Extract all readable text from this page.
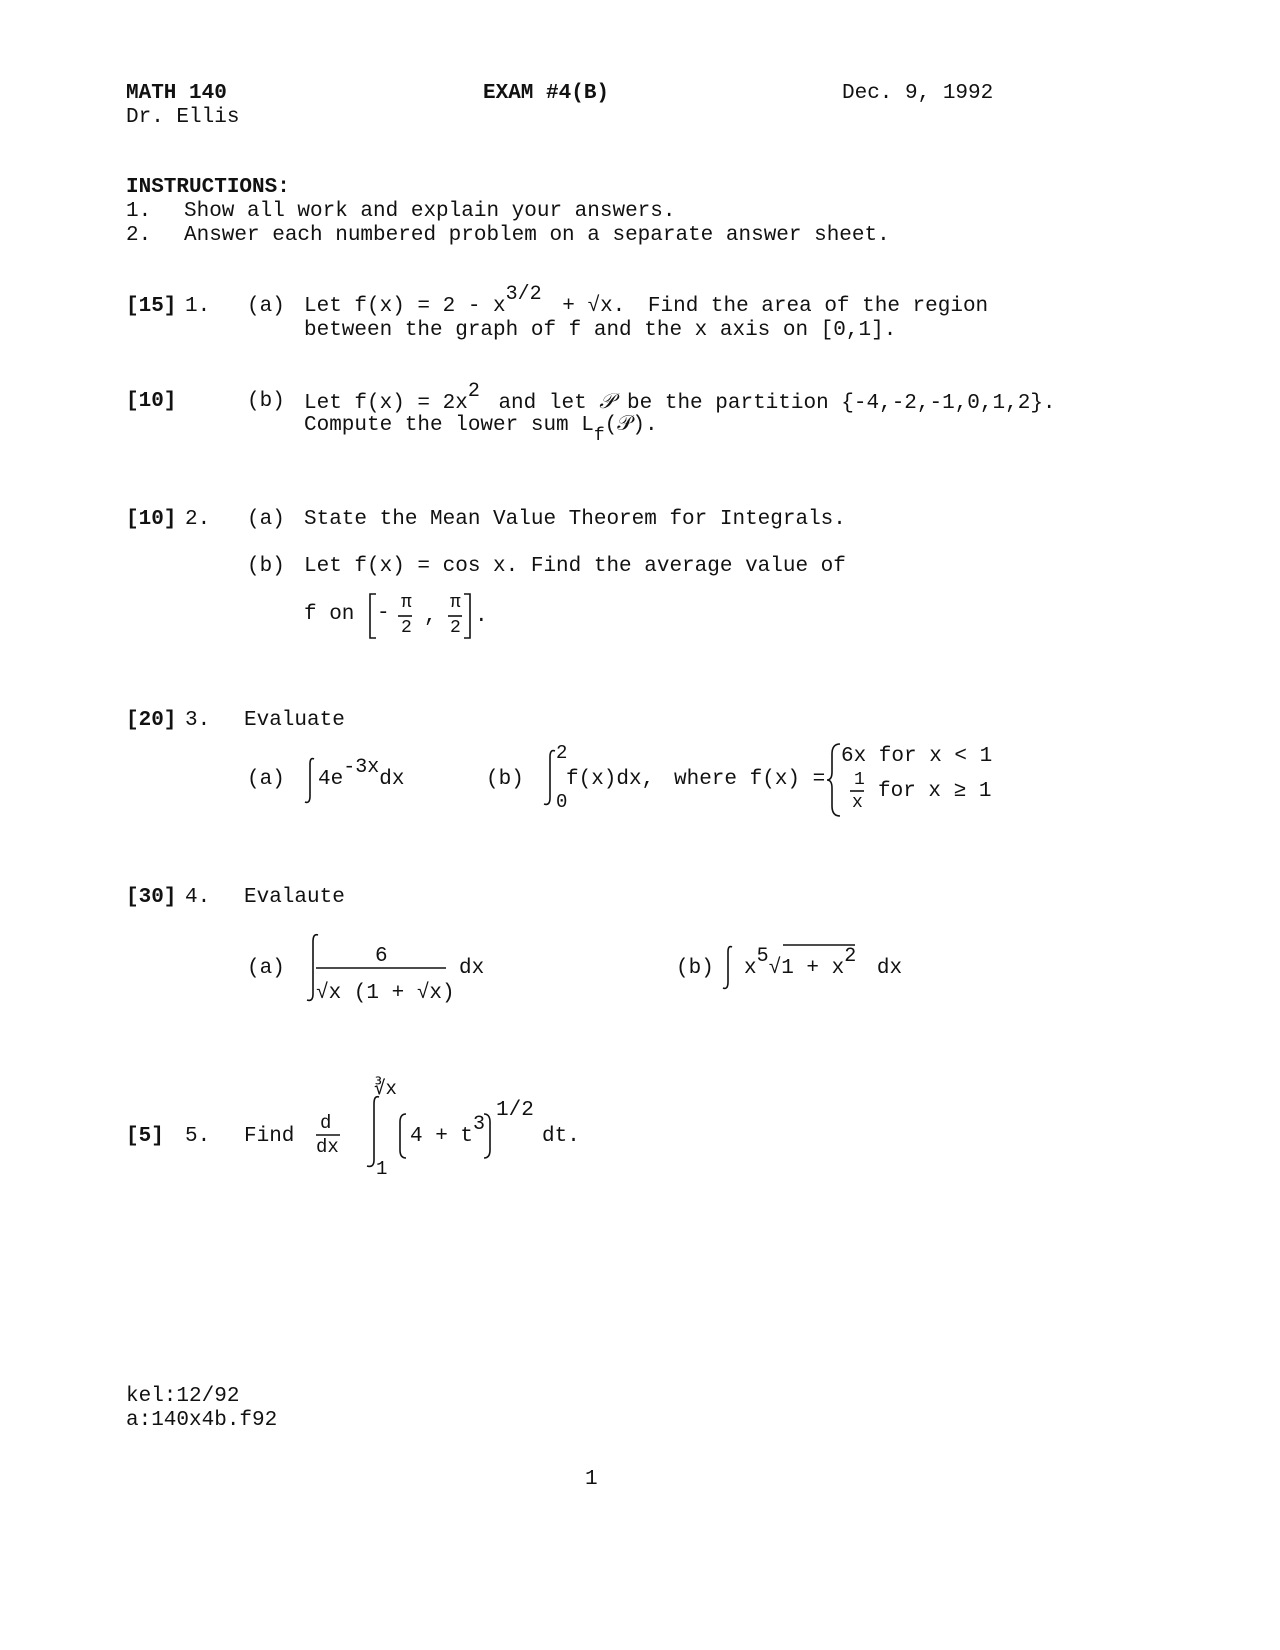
MATH 140
Dr. Ellis
EXAM #4(B)	Dec. 9, 1992
INSTRUCTIONS:
1. Show all work and explain your answers.
2. Answer each numbered problem on a separate answer sheet.
[15] 1. (a) Let f(x) = 2 - x3/2 + √x. Find the area of the region
between the graph of f and the x axis on [0,1].
[10]	(b) Let f(x) = 2x2 and let 𝒫 be the partition {-4,-2,-1,0,1,2}.
Compute the lower sum Lf(𝒫).
[10] 2. (a) State the Mean Value Theorem for Integrals.
(b) Let f(x) = cos x. Find the average value of
f on - π
2 ,
π
2 .
[20] 3. Evaluate
(a) 4e-3xdx	(b)
2
0
f(x)dx, where f(x) =
6x for x < 1
1
x for x ≥ 1
[30] 4. Evalaute
(a)
6
√x (1 + √x)
dx	(b) x5√1 + x2 dx
[5] 5. Find
d
dx
∛x
1
4 + t3
1/2
dt.
kel:12/92
a:140x4b.f92
1
